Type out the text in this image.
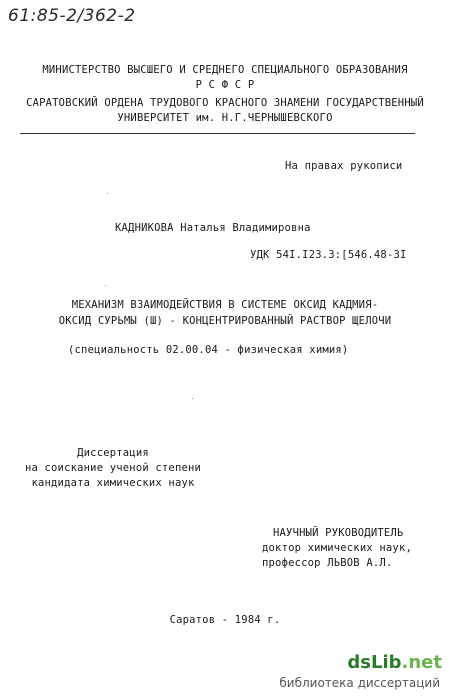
61:85-2/362-2
МИНИСТЕРСТВО ВЫСШЕГО И СРЕДНЕГО СПЕЦИАЛЬНОГО ОБРАЗОВАНИЯ
Р С Ф С Р
САРАТОВСКИЙ ОРДЕНА ТРУДОВОГО КРАСНОГО ЗНАМЕНИ ГОСУДАРСТВЕННЫЙ
УНИВЕРСИТЕТ им. Н.Г.ЧЕРНЫШЕВСКОГО
На правах рукописи
КАДНИКОВА Наталья Владимировна
УДК 54I.I23.3:[546.48-3I
МЕХАНИЗМ ВЗАИМОДЕЙСТВИЯ В СИСТЕМЕ ОКСИД КАДМИЯ-
ОКСИД СУРЬМЫ (Ш) - КОНЦЕНТРИРОВАННЫЙ РАСТВОР ЩЕЛОЧИ
(специальность 02.00.04 - физическая химия)
Диссертация
на соискание ученой степени
кандидата химических наук
НАУЧНЫЙ РУКОВОДИТЕЛЬ
доктор химических наук,
профессор ЛЬВОВ А.Л.
Саратов - 1984 г.
dsLib.net
библиотека диссертаций
